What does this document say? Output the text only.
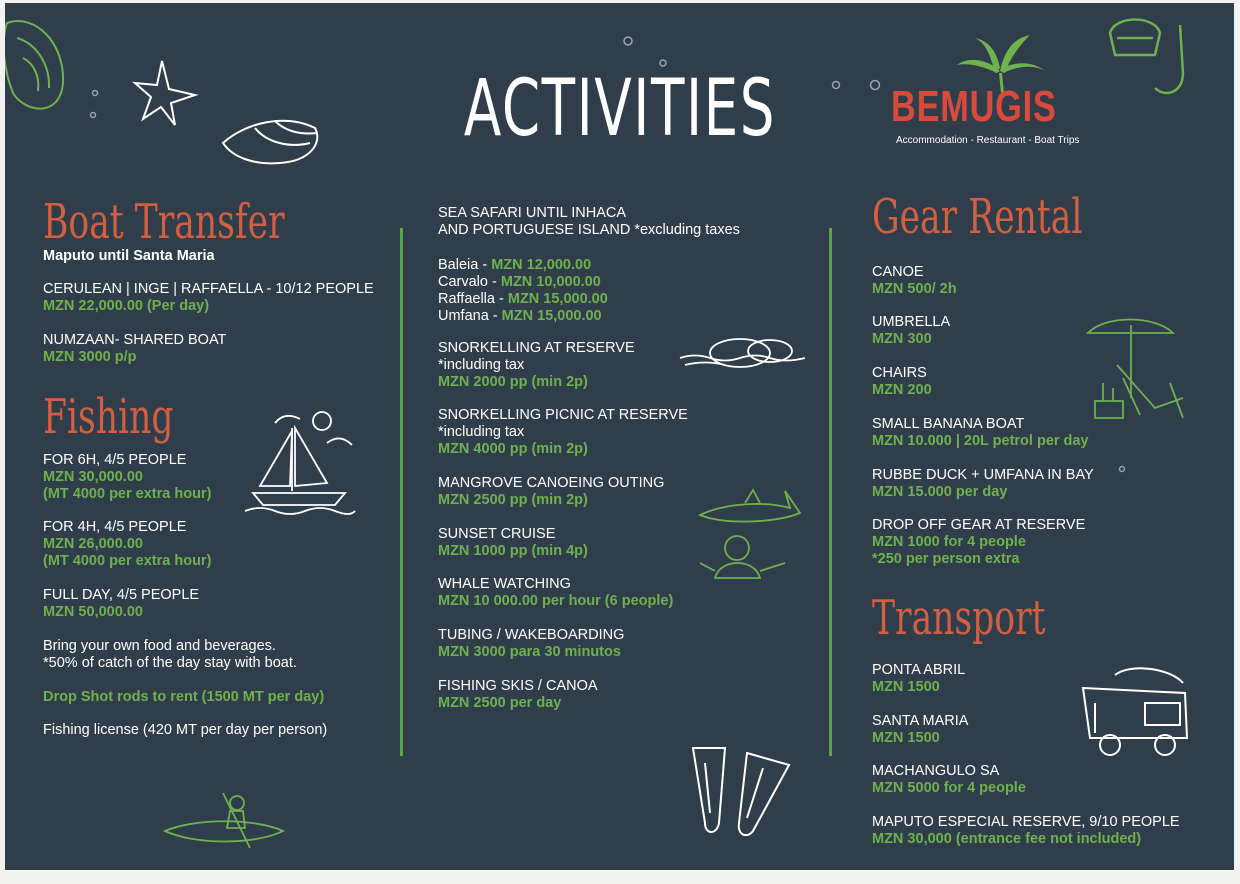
ACTIVITIES	BEMUGIS
Accommodation - Restaurant - Boat Trips
Boat Transfer
Maputo until Santa Maria
CERULEAN | INGE | RAFFAELLA - 10/12 PEOPLE
MZN 22,000.00 (Per day)
NUMZAAN- SHARED BOAT
MZN 3000 p/p
Fishing
FOR 6H, 4/5 PEOPLE
MZN 30,000.00
(MT 4000 per extra hour)
FOR 4H, 4/5 PEOPLE
MZN 26,000.00
(MT 4000 per extra hour)
FULL DAY, 4/5 PEOPLE
MZN 50,000.00
Bring your own food and beverages.
*50% of catch of the day stay with boat.
Drop Shot rods to rent (1500 MT per day)
Fishing license (420 MT per day per person)
SEA SAFARI UNTIL INHACA
AND PORTUGUESE ISLAND *excluding taxes
Baleia - MZN 12,000.00
Carvalo - MZN 10,000.00
Raffaella - MZN 15,000.00
Umfana - MZN 15,000.00
SNORKELLING AT RESERVE
*including tax
MZN 2000 pp (min 2p)
SNORKELLING PICNIC AT RESERVE
*including tax
MZN 4000 pp (min 2p)
MANGROVE CANOEING OUTING
MZN 2500 pp (min 2p)
SUNSET CRUISE
MZN 1000 pp (min 4p)
WHALE WATCHING
MZN 10 000.00 per hour (6 people)
TUBING / WAKEBOARDING
MZN 3000 para 30 minutos
FISHING SKIS / CANOA
MZN 2500 per day
Gear Rental
CANOE
MZN 500/ 2h
UMBRELLA
MZN 300
CHAIRS
MZN 200
SMALL BANANA BOAT
MZN 10.000 | 20L petrol per day
RUBBE DUCK + UMFANA IN BAY
MZN 15.000 per day
DROP OFF GEAR AT RESERVE
MZN 1000 for 4 people
*250 per person extra
Transport
PONTA ABRIL
MZN 1500
SANTA MARIA
MZN 1500
MACHANGULO SA
MZN 5000 for 4 people
MAPUTO ESPECIAL RESERVE, 9/10 PEOPLE
MZN 30,000 (entrance fee not included)
